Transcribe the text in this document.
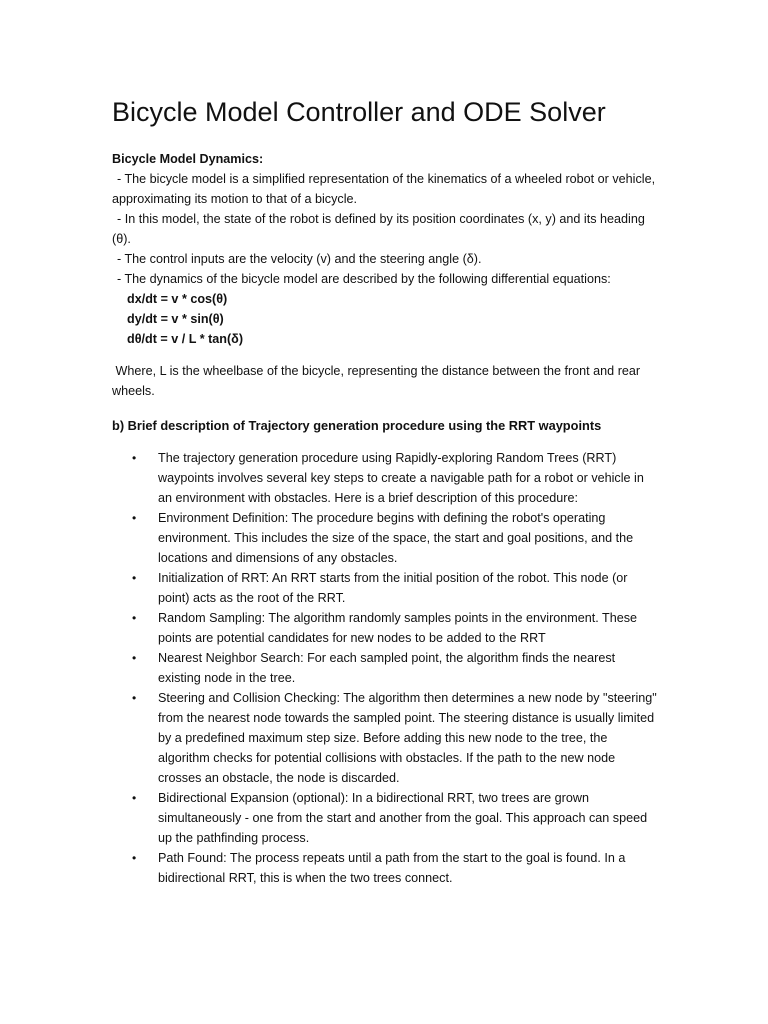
Bicycle Model Controller and ODE Solver

Bicycle Model Dynamics:

- The bicycle model is a simplified representation of the kinematics of a wheeled robot or vehicle, approximating its motion to that of a bicycle.

- In this model, the state of the robot is defined by its position coordinates (x, y) and its heading (θ).

- The control inputs are the velocity (v) and the steering angle (δ).

- The dynamics of the bicycle model are described by the following differential equations:

dx/dt = v * cos(θ)

dy/dt = v * sin(θ)

dθ/dt = v / L * tan(δ)

Where, L is the wheelbase of the bicycle, representing the distance between the front and rear wheels.

b) Brief description of Trajectory generation procedure using the RRT waypoints

• The trajectory generation procedure using Rapidly-exploring Random Trees (RRT) waypoints involves several key steps to create a navigable path for a robot or vehicle in an environment with obstacles. Here is a brief description of this procedure:
• Environment Definition: The procedure begins with defining the robot's operating environment. This includes the size of the space, the start and goal positions, and the locations and dimensions of any obstacles.
• Initialization of RRT: An RRT starts from the initial position of the robot. This node (or point) acts as the root of the RRT.
• Random Sampling: The algorithm randomly samples points in the environment. These points are potential candidates for new nodes to be added to the RRT
• Nearest Neighbor Search: For each sampled point, the algorithm finds the nearest existing node in the tree.
• Steering and Collision Checking: The algorithm then determines a new node by "steering" from the nearest node towards the sampled point. The steering distance is usually limited by a predefined maximum step size. Before adding this new node to the tree, the algorithm checks for potential collisions with obstacles. If the path to the new node crosses an obstacle, the node is discarded.
• Bidirectional Expansion (optional): In a bidirectional RRT, two trees are grown simultaneously - one from the start and another from the goal. This approach can speed up the pathfinding process.
• Path Found: The process repeats until a path from the start to the goal is found. In a bidirectional RRT, this is when the two trees connect.
